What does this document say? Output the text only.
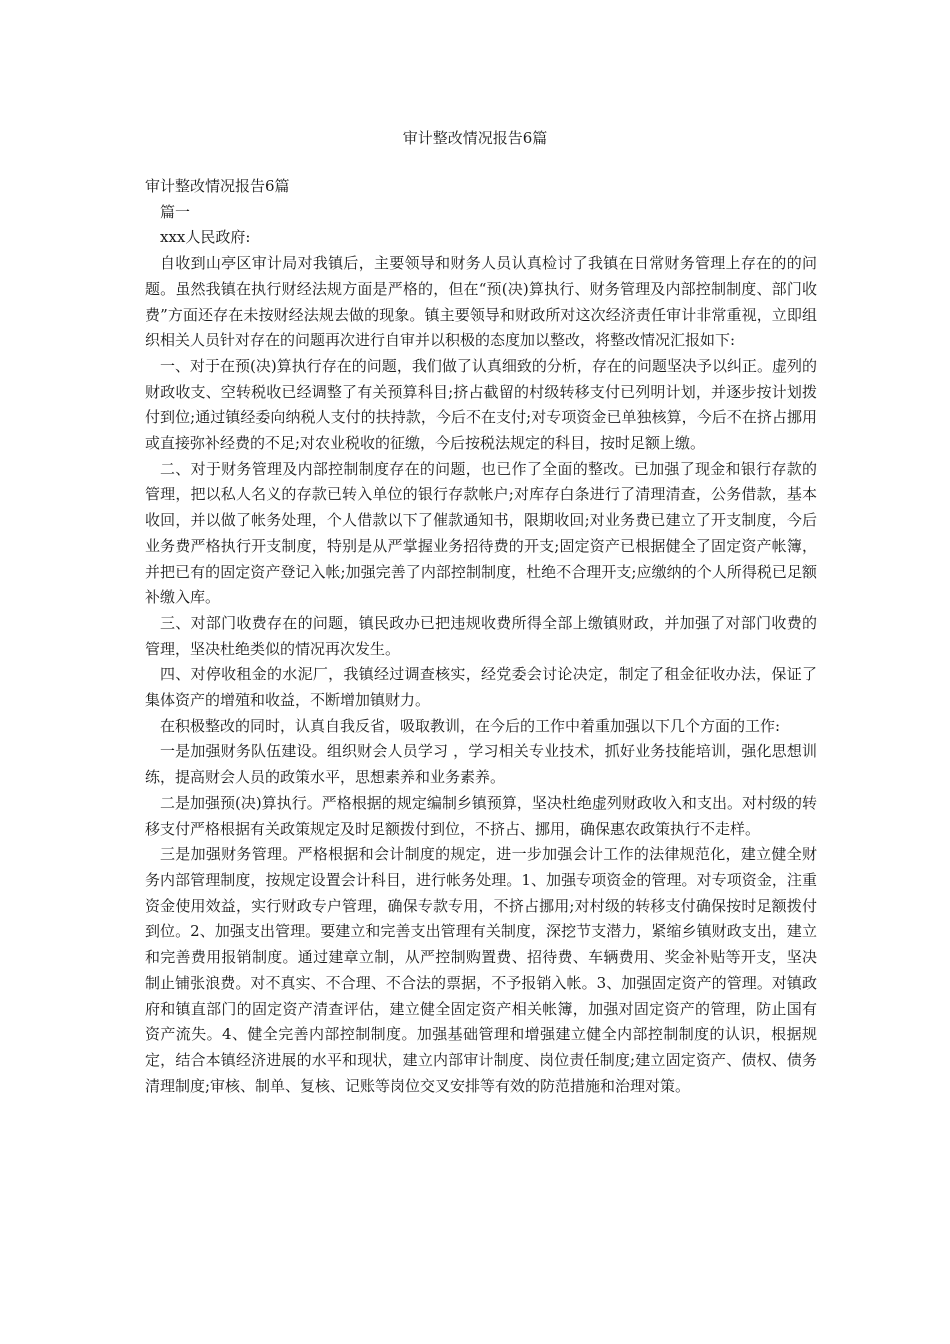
审计整改情况报告6篇

审计整改情况报告6篇

篇一

xxx人民政府:

自收到山亭区审计局对我镇后，主要领导和财务人员认真检讨了我镇在日常财务管理上存在的的问题。虽然我镇在执行财经法规方面是严格的，但在“预(决)算执行、财务管理及内部控制制度、部门收费”方面还存在未按财经法规去做的现象。镇主要领导和财政所对这次经济责任审计非常重视，立即组织相关人员针对存在的问题再次进行自审并以积极的态度加以整改，将整改情况汇报如下:

一、对于在预(决)算执行存在的问题，我们做了认真细致的分析，存在的问题坚决予以纠正。虚列的财政收支、空转税收已经调整了有关预算科目;挤占截留的村级转移支付已列明计划，并逐步按计划拨付到位;通过镇经委向纳税人支付的扶持款，今后不在支付;对专项资金已单独核算，今后不在挤占挪用或直接弥补经费的不足;对农业税收的征缴，今后按税法规定的科目，按时足额上缴。

二、对于财务管理及内部控制制度存在的问题，也已作了全面的整改。已加强了现金和银行存款的管理，把以私人名义的存款已转入单位的银行存款帐户;对库存白条进行了清理清查，公务借款，基本收回，并以做了帐务处理，个人借款以下了催款通知书，限期收回;对业务费已建立了开支制度，今后业务费严格执行开支制度，特别是从严掌握业务招待费的开支;固定资产已根据健全了固定资产帐簿，并把已有的固定资产登记入帐;加强完善了内部控制制度，杜绝不合理开支;应缴纳的个人所得税已足额补缴入库。

三、对部门收费存在的问题，镇民政办已把违规收费所得全部上缴镇财政，并加强了对部门收费的管理，坚决杜绝类似的情况再次发生。

四、对停收租金的水泥厂，我镇经过调查核实，经党委会讨论决定，制定了租金征收办法，保证了集体资产的增殖和收益，不断增加镇财力。

在积极整改的同时，认真自我反省，吸取教训，在今后的工作中着重加强以下几个方面的工作:

一是加强财务队伍建设。组织财会人员学习 ，学习相关专业技术，抓好业务技能培训，强化思想训练，提高财会人员的政策水平，思想素养和业务素养。

二是加强预(决)算执行。严格根据的规定编制乡镇预算，坚决杜绝虚列财政收入和支出。对村级的转移支付严格根据有关政策规定及时足额拨付到位，不挤占、挪用，确保惠农政策执行不走样。

三是加强财务管理。严格根据和会计制度的规定，进一步加强会计工作的法律规范化，建立健全财务内部管理制度，按规定设置会计科目，进行帐务处理。1、加强专项资金的管理。对专项资金，注重资金使用效益，实行财政专户管理，确保专款专用，不挤占挪用;对村级的转移支付确保按时足额拨付到位。2、加强支出管理。要建立和完善支出管理有关制度，深挖节支潜力，紧缩乡镇财政支出，建立和完善费用报销制度。通过建章立制，从严控制购置费、招待费、车辆费用、奖金补贴等开支，坚决制止铺张浪费。对不真实、不合理、不合法的票据，不予报销入帐。3、加强固定资产的管理。对镇政府和镇直部门的固定资产清查评估，建立健全固定资产相关帐簿，加强对固定资产的管理，防止国有资产流失。4、健全完善内部控制制度。加强基础管理和增强建立健全内部控制制度的认识，根据规定，结合本镇经济进展的水平和现状，建立内部审计制度、岗位责任制度;建立固定资产、债权、债务清理制度;审核、制单、复核、记账等岗位交叉安排等有效的防范措施和治理对策。
